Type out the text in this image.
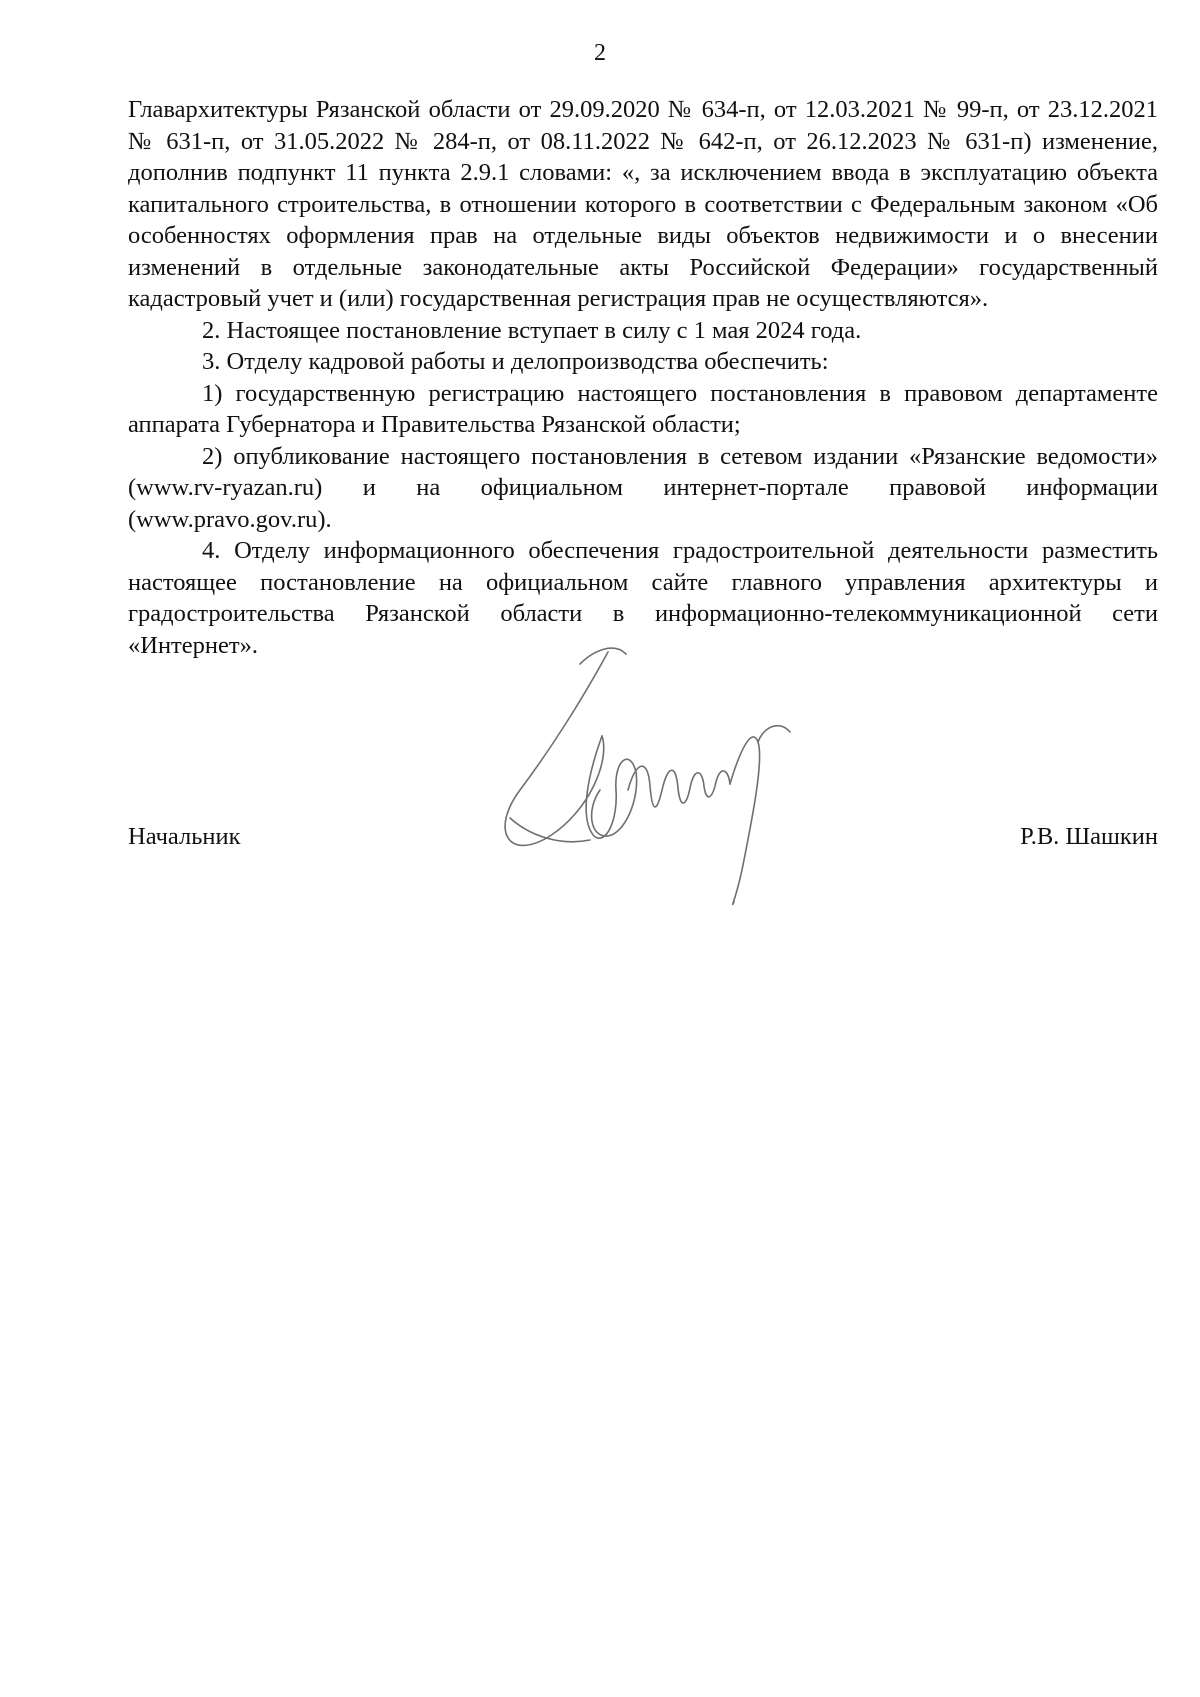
2

Главархитектуры Рязанской области от 29.09.2020 № 634-п, от 12.03.2021 № 99-п, от 23.12.2021 № 631-п, от 31.05.2022 № 284-п, от 08.11.2022 № 642-п, от 26.12.2023 № 631-п) изменение, дополнив подпункт 11 пункта 2.9.1 словами: «, за исключением ввода в эксплуатацию объекта капитального строительства, в отношении которого в соответствии с Федеральным законом «Об особенностях оформления прав на отдельные виды объектов недвижимости и о внесении изменений в отдельные законодательные акты Российской Федерации» государственный кадастровый учет и (или) государственная регистрация прав не осуществляются».

2. Настоящее постановление вступает в силу с 1 мая 2024 года.

3. Отделу кадровой работы и делопроизводства обеспечить:

1) государственную регистрацию настоящего постановления в правовом департаменте аппарата Губернатора и Правительства Рязанской области;

2) опубликование настоящего постановления в сетевом издании «Рязанские ведомости» (www.rv-ryazan.ru) и на официальном интернет-портале правовой информации (www.pravo.gov.ru).

4. Отделу информационного обеспечения градостроительной деятельности разместить настоящее постановление на официальном сайте главного управления архитектуры и градостроительства Рязанской области в информационно-телекоммуникационной сети «Интернет».

Начальник	Р.В. Шашкин
